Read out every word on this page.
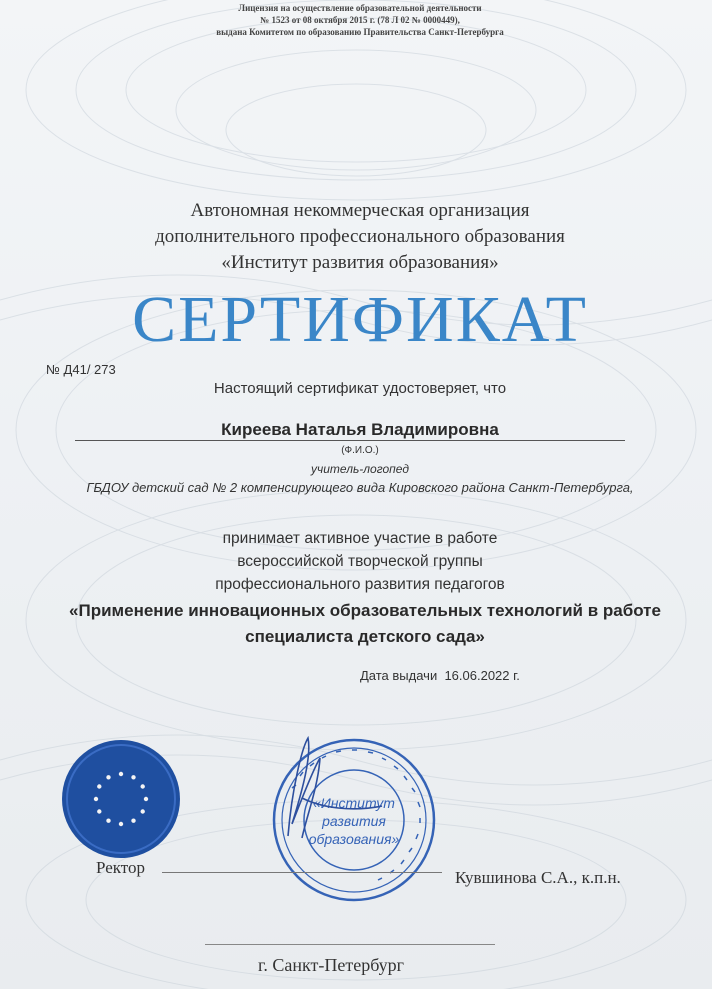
Лицензия на осуществление образовательной деятельности
№ 1523 от 08 октября 2015 г. (78 Л 02 № 0000449),
выдана Комитетом по образованию Правительства Санкт-Петербурга
Автономная некоммерческая организация
дополнительного профессионального образования
«Институт развития образования»
СЕРТИФИКАТ
№ Д41/ 273
Настоящий сертификат удостоверяет, что
Киреева Наталья Владимировна
(Ф.И.О.)
учитель-логопед
ГБДОУ детский сад № 2 компенсирующего вида Кировского района Санкт-Петербурга,
принимает активное участие в работе
всероссийской творческой группы
профессионального развития педагогов
«Применение инновационных образовательных технологий в работе
специалиста детского сада»
Дата выдачи 16.06.2022 г.
«Институт
развития
образования»
Ректор
Кувшинова С.А., к.п.н.
г. Санкт-Петербург
